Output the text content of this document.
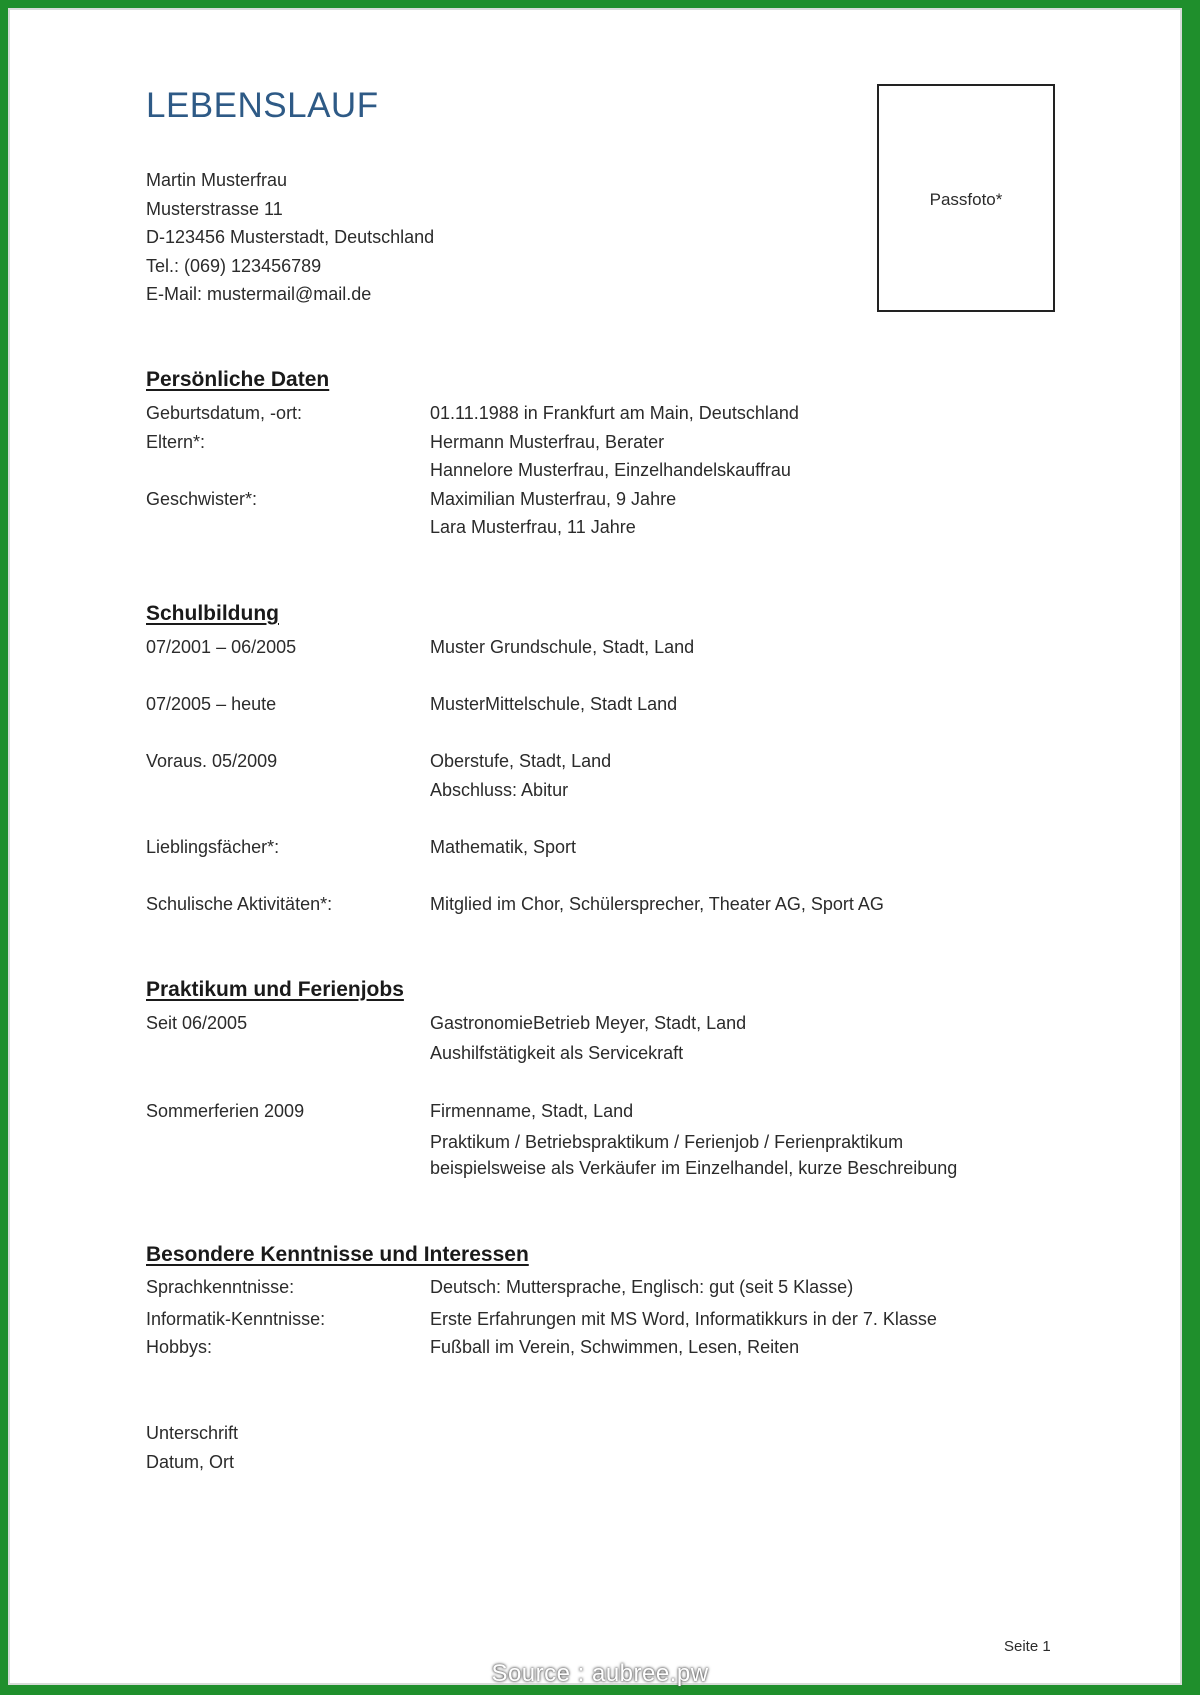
LEBENSLAUF
Martin Musterfrau
Musterstrasse 11
D-123456 Musterstadt, Deutschland
Tel.: (069) 123456789
E-Mail: mustermail@mail.de
Passfoto*
Persönliche Daten
Geburtsdatum, -ort:	01.11.1988 in Frankfurt am Main, Deutschland
Eltern*:	Hermann Musterfrau, Berater
Hannelore Musterfrau, Einzelhandelskauffrau
Geschwister*:	Maximilian Musterfrau, 9 Jahre
Lara Musterfrau, 11 Jahre
Schulbildung
07/2001 – 06/2005	Muster Grundschule, Stadt, Land
07/2005 – heute	MusterMittelschule, Stadt Land
Voraus. 05/2009	Oberstufe, Stadt, Land
Abschluss: Abitur
Lieblingsfächer*:	Mathematik, Sport
Schulische Aktivitäten*:	Mitglied im Chor, Schülersprecher, Theater AG, Sport AG
Praktikum und Ferienjobs
Seit 06/2005	GastronomieBetrieb Meyer, Stadt, Land
Aushilfstätigkeit als Servicekraft
Sommerferien 2009	Firmenname, Stadt, Land
Praktikum / Betriebspraktikum / Ferienjob / Ferienpraktikum
beispielsweise als Verkäufer im Einzelhandel, kurze Beschreibung
Besondere Kenntnisse und Interessen
Sprachkenntnisse:	Deutsch: Muttersprache, Englisch: gut (seit 5 Klasse)
Informatik-Kenntnisse:	Erste Erfahrungen mit MS Word, Informatikkurs in der 7. Klasse
Hobbys:	Fußball im Verein, Schwimmen, Lesen, Reiten
Unterschrift
Datum, Ort
Seite 1
Source : aubree.pw
